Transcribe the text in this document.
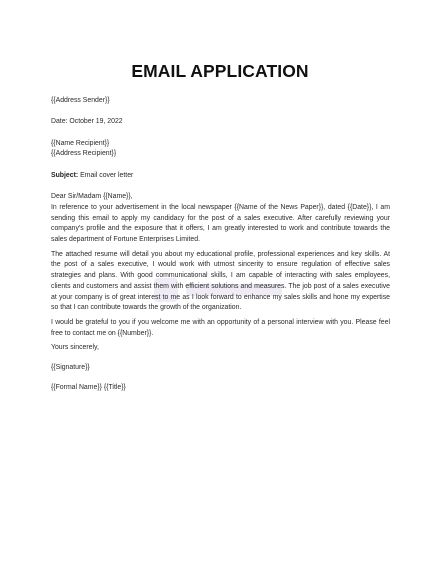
EMAIL APPLICATION

{{Address Sender}}

Date: October 19, 2022

{{Name Recipient}}

{{Address Recipient}}

Subject: Email cover letter

Dear Sir/Madam {{Name}},

In reference to your advertisement in the local newspaper {{Name of the News Paper}}, dated {{Date}}, I am sending this email to apply my candidacy for the post of a sales executive. After carefully reviewing your company's profile and the exposure that it offers, I am greatly interested to work and contribute towards the sales department of Fortune Enterprises Limited.

The attached resume will detail you about my educational profile, professional experiences and key skills. At the post of a sales executive, I would work with utmost sincerity to ensure regulation of effective sales strategies and plans. With good communicational skills, I am capable of interacting with sales employees, clients and customers and assist them with efficient solutions and measures. The job post of a sales executive at your company is of great interest to me as I look forward to enhance my sales skills and hone my expertise so that I can contribute towards the growth of the organization.

I would be grateful to you if you welcome me with an opportunity of a personal interview with you. Please feel free to contact me on {{Number}}.

Yours sincerely,

{{Signature}}

{{Formal Name}} {{Title}}
